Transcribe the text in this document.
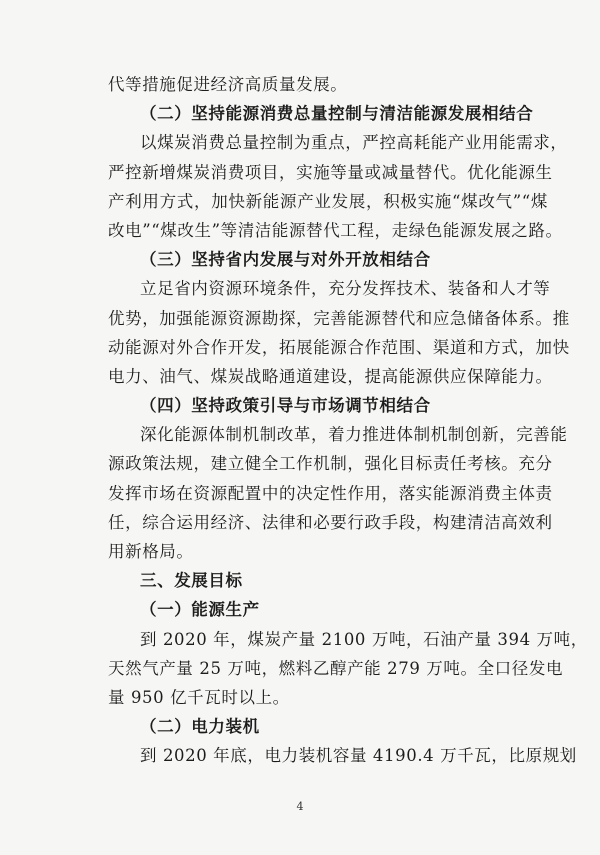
代等措施促进经济高质量发展。
（二）坚持能源消费总量控制与清洁能源发展相结合
以煤炭消费总量控制为重点，严控高耗能产业用能需求，
严控新增煤炭消费项目，实施等量或减量替代。优化能源生
产利用方式，加快新能源产业发展，积极实施“煤改气”“煤
改电”“煤改生”等清洁能源替代工程，走绿色能源发展之路。
（三）坚持省内发展与对外开放相结合
立足省内资源环境条件，充分发挥技术、装备和人才等
优势，加强能源资源勘探，完善能源替代和应急储备体系。推
动能源对外合作开发，拓展能源合作范围、渠道和方式，加快
电力、油气、煤炭战略通道建设，提高能源供应保障能力。
（四）坚持政策引导与市场调节相结合
深化能源体制机制改革，着力推进体制机制创新，完善能
源政策法规，建立健全工作机制，强化目标责任考核。充分
发挥市场在资源配置中的决定性作用，落实能源消费主体责
任，综合运用经济、法律和必要行政手段，构建清洁高效利
用新格局。
三、发展目标
（一）能源生产
到 2020 年，煤炭产量 2100 万吨，石油产量 394 万吨，
天然气产量 25 万吨，燃料乙醇产能 279 万吨。全口径发电
量 950 亿千瓦时以上。
（二）电力装机
到 2020 年底，电力装机容量 4190.4 万千瓦，比原规划
4
